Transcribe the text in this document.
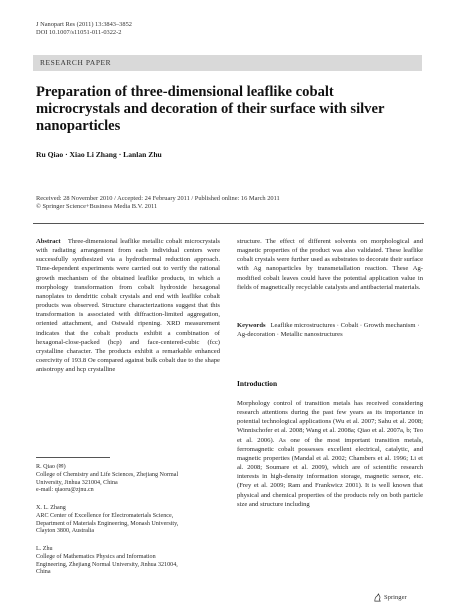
J Nanopart Res (2011) 13:3843–3852
DOI 10.1007/s11051-011-0322-2
RESEARCH PAPER
Preparation of three-dimensional leaflike cobalt microcrystals and decoration of their surface with silver nanoparticles
Ru Qiao · Xiao Li Zhang · Lanlan Zhu
Received: 28 November 2010 / Accepted: 24 February 2011 / Published online: 16 March 2011
© Springer Science+Business Media B.V. 2011

Abstract Three-dimensional leaflike metallic cobalt microcrystals with radiating arrangement from each individual centers were successfully synthesized via a hydrothermal reduction approach. Time-dependent experiments were carried out to verify the rational growth mechanism of the obtained leaflike products, in which a morphology transformation from cobalt hydroxide hexagonal nanoplates to dendritic cobalt crystals and end with leaflike cobalt products was observed. Structure characterizations suggest that this transformation is associated with diffraction-limited aggregation, oriented attachment, and Ostwald ripening. XRD measurement indicates that the cobalt products exhibit a combination of hexagonal-close-packed (hcp) and face-centered-cubic (fcc) crystalline character. The products exhibit a remarkable enhanced coercivity of 193.8 Oe compared against bulk cobalt due to the shape anisotropy and hcp crystalline

R. Qiao (✉)
College of Chemistry and Life Sciences, Zhejiang Normal
University, Jinhua 321004, China
e-mail: qiaoru@zjnu.cn
X. L. Zhang
ARC Center of Excellence for Electromaterials Science,
Department of Materials Engineering, Monash University,
Clayton 3800, Australia
L. Zhu
College of Mathematics Physics and Information
Engineering, Zhejiang Normal University, Jinhua 321004,
China

structure. The effect of different solvents on morphological and magnetic properties of the product was also validated. These leaflike cobalt crystals were further used as substrates to decorate their surface with Ag nanoparticles by transmetallation reaction. These Ag-modified cobalt leaves could have the potential application value in fields of magnetically recyclable catalysts and antibacterial materials.

Keywords Leaflike microstructures · Cobalt · Growth mechanism · Ag-decoration · Metallic nanostructures
Introduction

Morphology control of transition metals has received considering research attentions during the past few years as its importance in potential technological applications (Wu et al. 2007; Sahu et al. 2008; Winnischofer et al. 2008; Wang et al. 2008a; Qiao et al. 2007a, b; Teo et al. 2006). As one of the most important transition metals, ferromagnetic cobalt possesses excellent electrical, catalytic, and magnetic properties (Mandal et al. 2002; Chambers et al. 1996; Li et al. 2008; Soumare et al. 2009), which are of scientific research interests in high-density information storage, magnetic sensor, etc. (Frey et al. 2009; Ram and Frankwicz 2001). It is well known that physical and chemical properties of the products rely on both particle size and structure including

Springer
